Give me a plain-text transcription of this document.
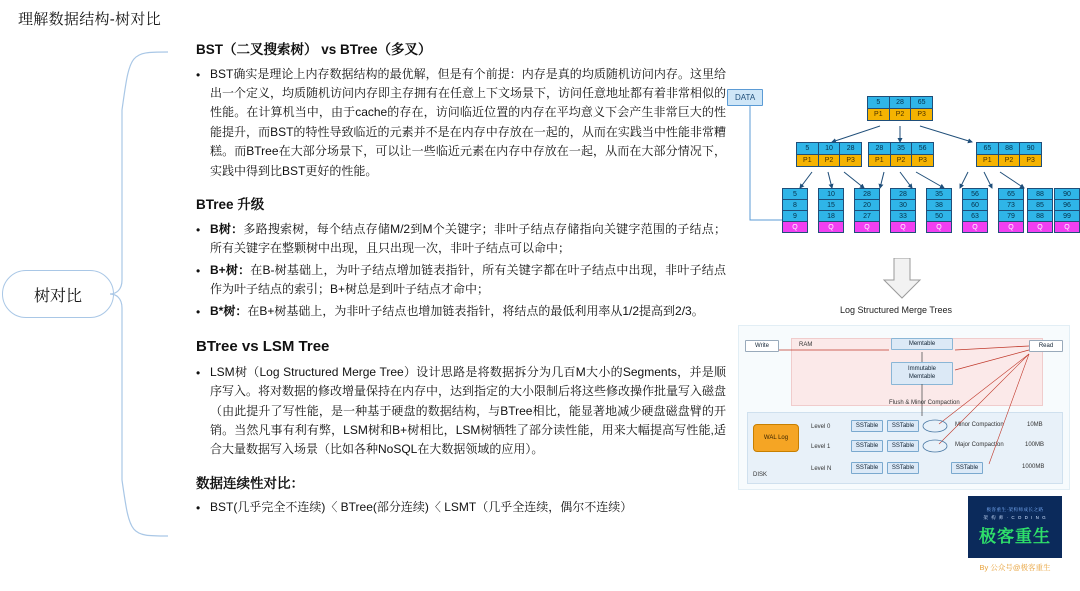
理解数据结构-树对比
树对比
BST（二叉搜索树） vs BTree（多叉）
• BST确实是理论上内存数据结构的最优解，但是有个前提：内存是真的均质随机访问内存。这里给出一个定义，均质随机访问内存即主存拥有在任意上下文场景下，访问任意地址都有着非常相似的性能。在计算机当中，由于cache的存在，访问临近位置的内存在平均意义下会产生非常巨大的性能提升，而BST的特性导致临近的元素并不是在内存中存放在一起的，从而在实践当中性能非常糟糕。而BTree在大部分场景下，可以让一些临近元素在内存中存放在一起，从而在大部分情况下，实践中得到比BST更好的性能。
BTree 升级
• B树：多路搜索树，每个结点存储M/2到M个关键字；非叶子结点存储指向关键字范围的子结点；所有关键字在整颗树中出现，且只出现一次，非叶子结点可以命中；
• B+树：在B-树基础上，为叶子结点增加链表指针，所有关键字都在叶子结点中出现，非叶子结点作为叶子结点的索引；B+树总是到叶子结点才命中；
• B*树：在B+树基础上，为非叶子结点也增加链表指针，将结点的最低利用率从1/2提高到2/3。
BTree vs LSM Tree
• LSM树（Log Structured Merge Tree）设计思路是将数据拆分为几百M大小的Segments，并是顺序写入。将对数据的修改增量保持在内存中，达到指定的大小限制后将这些修改操作批量写入磁盘（由此提升了写性能，是一种基于硬盘的数据结构，与BTree相比，能显著地减少硬盘磁盘臂的开销。当然凡事有利有弊，LSM树和B+树相比，LSM树牺牲了部分读性能，用来大幅提高写性能,适合大量数据写入场景（比如各种NoSQL在大数据领域的应用）。
数据连续性对比：
• BST(几乎完全不连续)〈 BTree(部分连续)〈 LSMT（几乎全连续，偶尔不连续）
DATA
5	28	65
P1	P2	P3
5	10	28
P1	P2	P3
28	35	56
P1	P2	P3
65	88	90
P1	P2	P3
5
8
9
Q
10
15
18
Q
28
20
27
Q
28
30
33
Q
35
38
50
Q
56
60
63
Q
65
73
79
Q
88
85
88
Q
90
96
99
Q
Log Structured Merge Trees
RAM
DISK
Write	Read
Memtable
Immutable
Memtable
Flush & Minor Compaction
WAL Log
Level 0	SSTable	SSTable	Minor Compaction	10MB
Level 1	SSTable	SSTable	Major Compaction	100MB
Level N	SSTable	SSTable	SSTable	1000MB
极客重生·架构师成长之路
架 构 师 · C O D I N G
极客重生
By 公众号@极客重生
